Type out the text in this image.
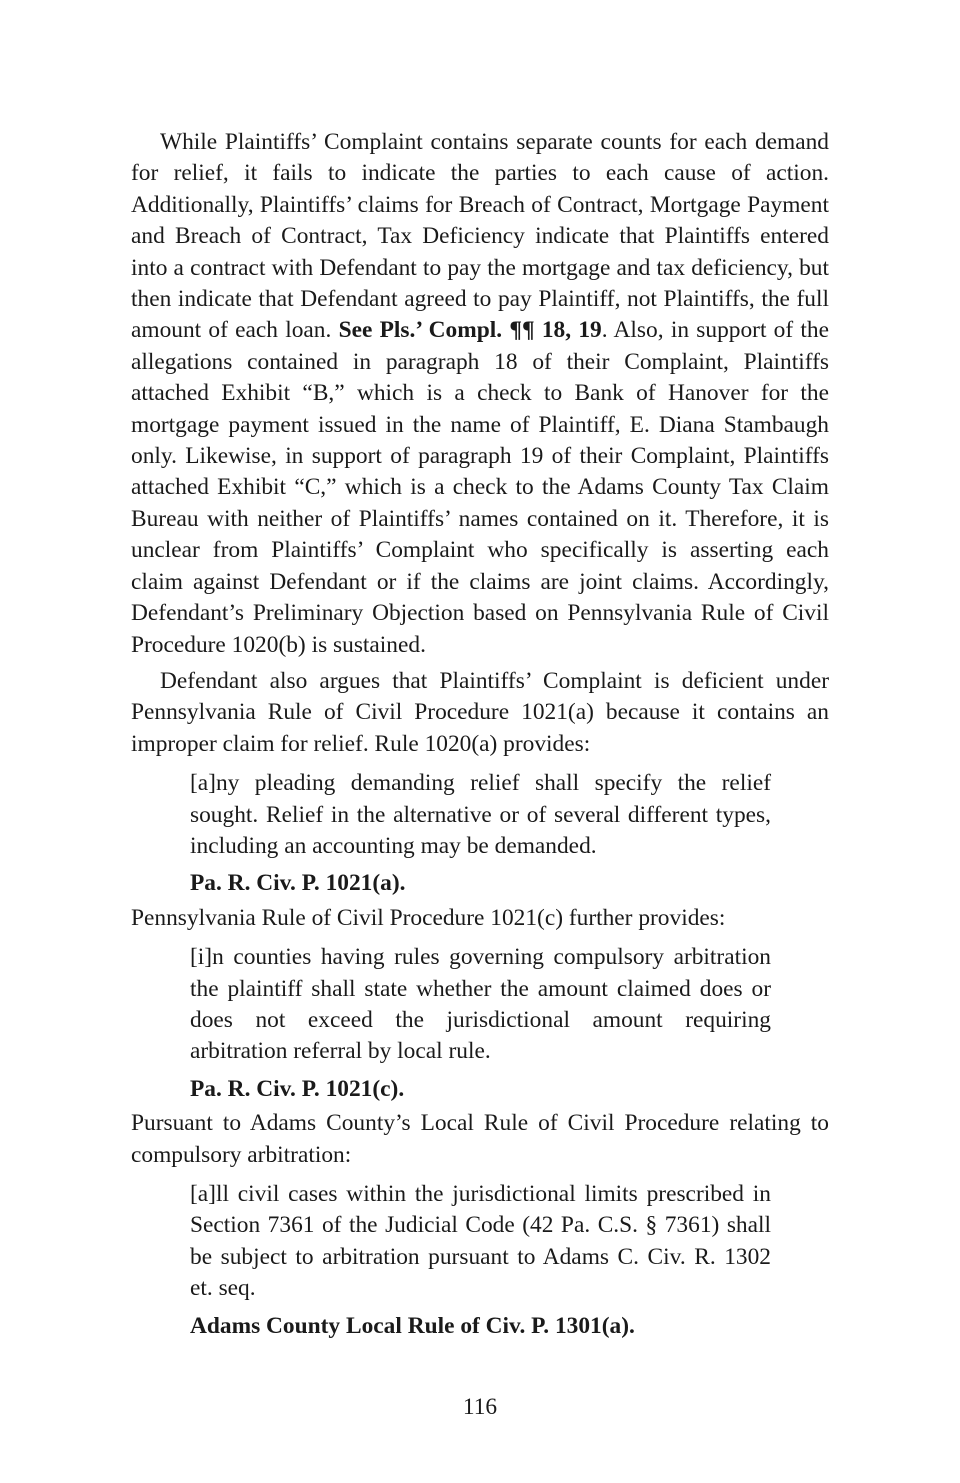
While Plaintiffs’ Complaint contains separate counts for each demand for relief, it fails to indicate the parties to each cause of action. Additionally, Plaintiffs’ claims for Breach of Contract, Mortgage Payment and Breach of Contract, Tax Deficiency indicate that Plaintiffs entered into a contract with Defendant to pay the mortgage and tax deficiency, but then indicate that Defendant agreed to pay Plaintiff, not Plaintiffs, the full amount of each loan. See Pls.’ Compl. ¶¶ 18, 19. Also, in support of the allegations contained in paragraph 18 of their Complaint, Plaintiffs attached Exhibit “B,” which is a check to Bank of Hanover for the mortgage payment issued in the name of Plaintiff, E. Diana Stambaugh only. Likewise, in support of paragraph 19 of their Complaint, Plaintiffs attached Exhibit “C,” which is a check to the Adams County Tax Claim Bureau with neither of Plaintiffs’ names contained on it. Therefore, it is unclear from Plaintiffs’ Complaint who specifically is asserting each claim against Defendant or if the claims are joint claims. Accordingly, Defendant’s Preliminary Objection based on Pennsylvania Rule of Civil Procedure 1020(b) is sustained.

Defendant also argues that Plaintiffs’ Complaint is deficient under Pennsylvania Rule of Civil Procedure 1021(a) because it contains an improper claim for relief. Rule 1020(a) provides:

[a]ny pleading demanding relief shall specify the relief sought. Relief in the alternative or of several different types, including an accounting may be demanded.

Pa. R. Civ. P. 1021(a).

Pennsylvania Rule of Civil Procedure 1021(c) further provides:

[i]n counties having rules governing compulsory arbitration the plaintiff shall state whether the amount claimed does or does not exceed the jurisdictional amount requiring arbitration referral by local rule.

Pa. R. Civ. P. 1021(c).

Pursuant to Adams County’s Local Rule of Civil Procedure relating to compulsory arbitration:

[a]ll civil cases within the jurisdictional limits prescribed in Section 7361 of the Judicial Code (42 Pa. C.S. § 7361) shall be subject to arbitration pursuant to Adams C. Civ. R. 1302 et. seq.

Adams County Local Rule of Civ. P. 1301(a).

116
